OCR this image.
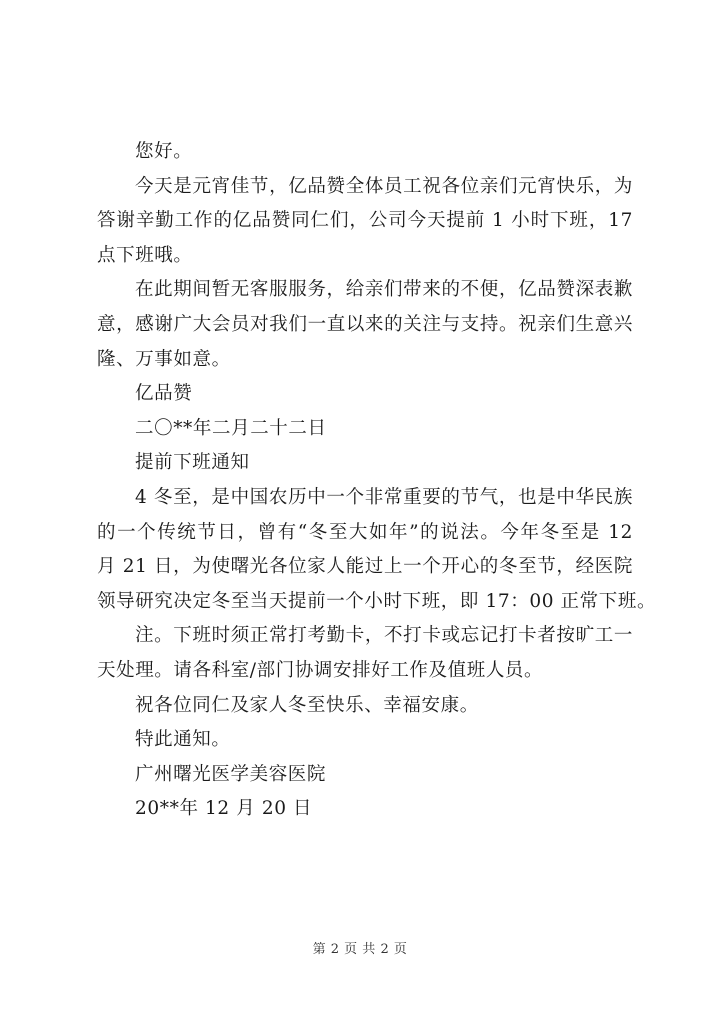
您好。
今天是元宵佳节，亿品赞全体员工祝各位亲们元宵快乐，为
答谢辛勤工作的亿品赞同仁们，公司今天提前 1 小时下班，17
点下班哦。
在此期间暂无客服服务，给亲们带来的不便，亿品赞深表歉
意，感谢广大会员对我们一直以来的关注与支持。祝亲们生意兴
隆、万事如意。
亿品赞
二〇**年二月二十二日
提前下班通知
4 冬至，是中国农历中一个非常重要的节气，也是中华民族
的一个传统节日，曾有“冬至大如年”的说法。今年冬至是 12
月 21 日，为使曙光各位家人能过上一个开心的冬至节，经医院
领导研究决定冬至当天提前一个小时下班，即 17：00 正常下班。
注。下班时须正常打考勤卡，不打卡或忘记打卡者按旷工一
天处理。请各科室/部门协调安排好工作及值班人员。
祝各位同仁及家人冬至快乐、幸福安康。
特此通知。
广州曙光医学美容医院
20**年 12 月 20 日
第 2 页 共 2 页
